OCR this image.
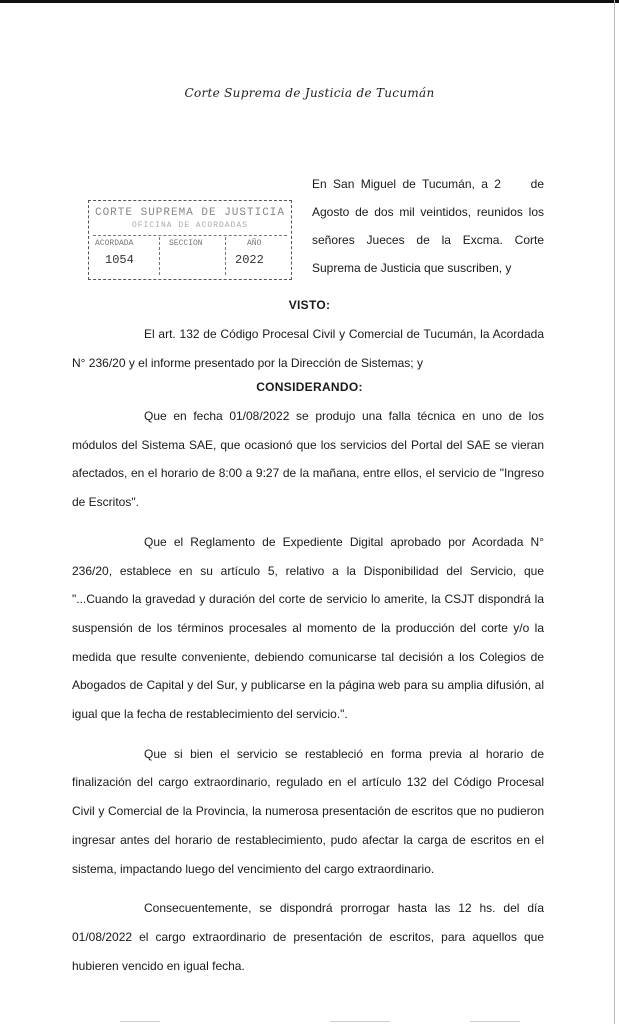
Corte Suprema de Justicia de Tucumán
CORTE SUPREMA DE JUSTICIA
OFICINA DE ACORDADAS
ACORDADA
1054
SECCION	AÑO
2022
En San Miguel de Tucumán, a 2 de
Agosto de dos mil veintidos, reunidos los
señores Jueces de la Excma. Corte
Suprema de Justicia que suscriben, y
VISTO:

El art. 132 de Código Procesal Civil y Comercial de Tucumán, la Acordada N° 236/20 y el informe presentado por la Dirección de Sistemas; y

CONSIDERANDO:

Que en fecha 01/08/2022 se produjo una falla técnica en uno de los módulos del Sistema SAE, que ocasionó que los servicios del Portal del SAE se vieran afectados, en el horario de 8:00 a 9:27 de la mañana, entre ellos, el servicio de "Ingreso de Escritos".

Que el Reglamento de Expediente Digital aprobado por Acordada N° 236/20, establece en su artículo 5, relativo a la Disponibilidad del Servicio, que "...Cuando la gravedad y duración del corte de servicio lo amerite, la CSJT dispondrá la suspensión de los términos procesales al momento de la producción del corte y/o la medida que resulte conveniente, debiendo comunicarse tal decisión a los Colegios de Abogados de Capital y del Sur, y publicarse en la página web para su amplia difusión, al igual que la fecha de restablecimiento del servicio.".

Que si bien el servicio se restableció en forma previa al horario de finalización del cargo extraordinario, regulado en el artículo 132 del Código Procesal Civil y Comercial de la Provincia, la numerosa presentación de escritos que no pudieron ingresar antes del horario de restablecimiento, pudo afectar la carga de escritos en el sistema, impactando luego del vencimiento del cargo extraordinario.

Consecuentemente, se dispondrá prorrogar hasta las 12 hs. del día 01/08/2022 el cargo extraordinario de presentación de escritos, para aquellos que hubieren vencido en igual fecha.
